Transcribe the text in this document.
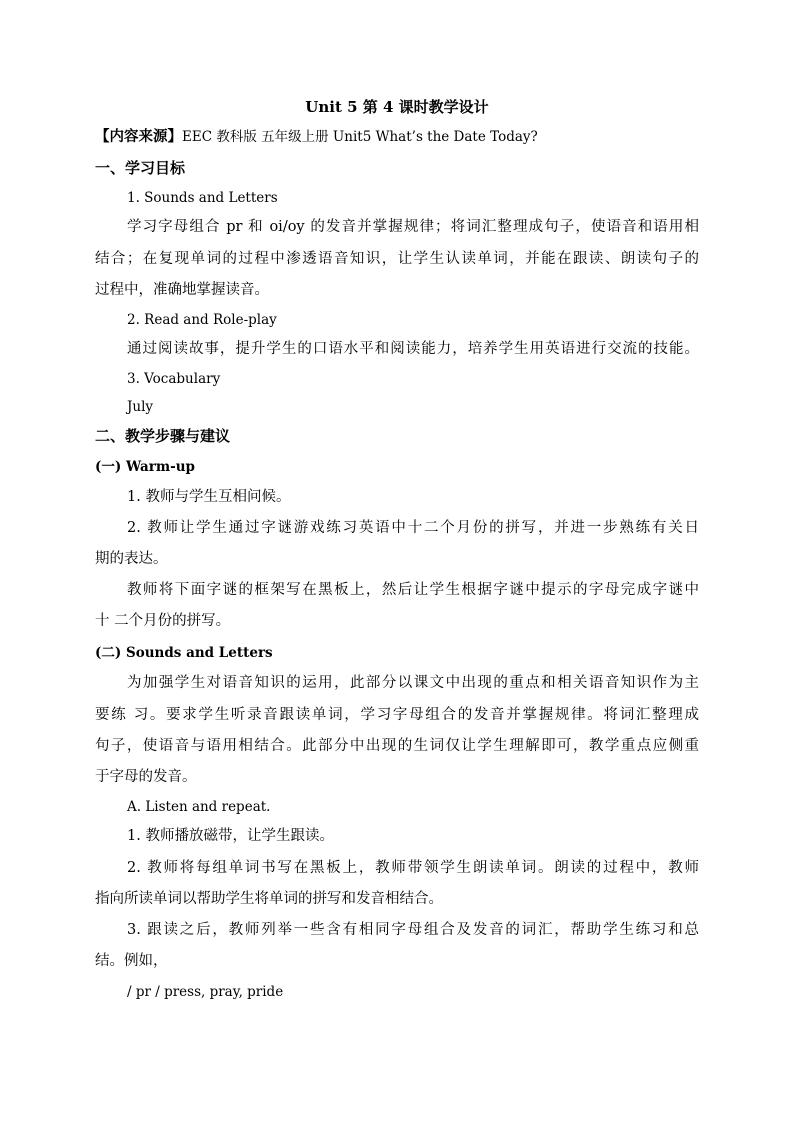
Unit 5 第 4 课时教学设计
【内容来源】EEC 教科版 五年级上册 Unit5 What’s the Date Today?
一、学习目标
1. Sounds and Letters
学习字母组合 pr 和 oi/oy 的发音并掌握规律；将词汇整理成句子，使语音和语用相
结合；在复现单词的过程中渗透语音知识，让学生认读单词，并能在跟读、朗读句子的
过程中，准确地掌握读音。
2. Read and Role-play
通过阅读故事，提升学生的口语水平和阅读能力，培养学生用英语进行交流的技能。
3. Vocabulary
July
二、教学步骤与建议
(一) Warm-up
1. 教师与学生互相问候。
2. 教师让学生通过字谜游戏练习英语中十二个月份的拼写，并进一步熟练有关日
期的表达。
教师将下面字谜的框架写在黑板上，然后让学生根据字谜中提示的字母完成字谜中
十 二个月份的拼写。
(二) Sounds and Letters
为加强学生对语音知识的运用，此部分以课文中出现的重点和相关语音知识作为主
要练 习。要求学生听录音跟读单词，学习字母组合的发音并掌握规律。将词汇整理成
句子，使语音与语用相结合。此部分中出现的生词仅让学生理解即可，教学重点应侧重
于字母的发音。
A. Listen and repeat.
1. 教师播放磁带，让学生跟读。
2. 教师将每组单词书写在黑板上，教师带领学生朗读单词。朗读的过程中，教师
指向所读单词以帮助学生将单词的拼写和发音相结合。
3. 跟读之后，教师列举一些含有相同字母组合及发音的词汇，帮助学生练习和总
结。例如，
/ pr / press, pray, pride
